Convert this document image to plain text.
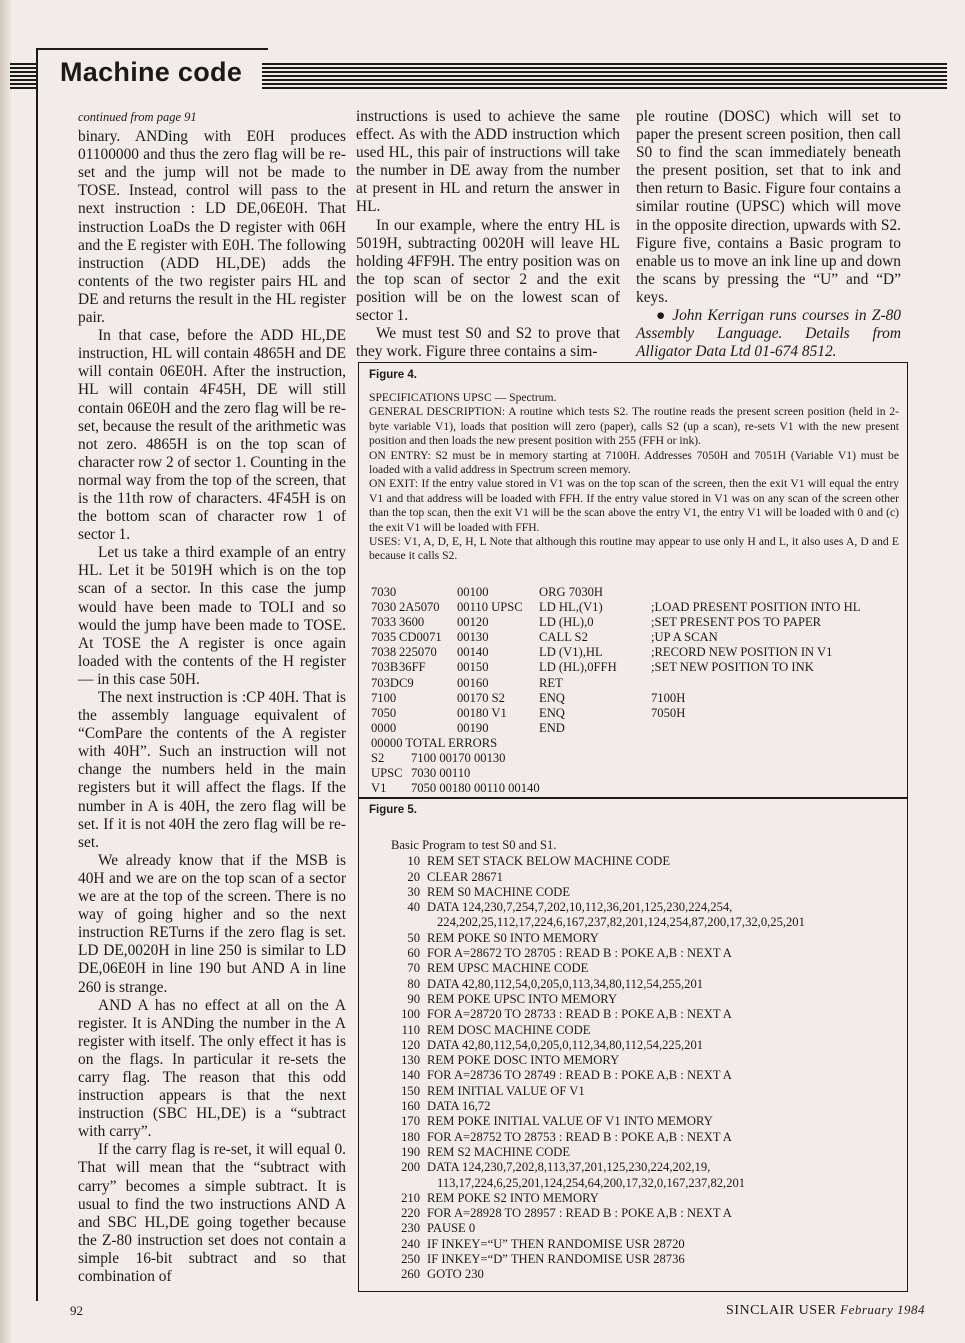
Machine code

continued from page 91

binary. ANDing with E0H produces 01100000 and thus the zero flag will be re-set and the jump will not be made to TOSE. Instead, control will pass to the next instruction : LD DE,06E0H. That instruction LoaDs the D register with 06H and the E register with E0H. The following instruction (ADD HL,DE) adds the contents of the two register pairs HL and DE and returns the result in the HL register pair.

In that case, before the ADD HL,DE instruction, HL will contain 4865H and DE will contain 06E0H. After the instruction, HL will contain 4F45H, DE will still contain 06E0H and the zero flag will be re-set, because the result of the arithmetic was not zero. 4865H is on the top scan of character row 2 of sector 1. Counting in the normal way from the top of the screen, that is the 11th row of characters. 4F45H is on the bottom scan of character row 1 of sector 1.

Let us take a third example of an entry HL. Let it be 5019H which is on the top scan of a sector. In this case the jump would have been made to TOLI and so would the jump have been made to TOSE. At TOSE the A register is once again loaded with the contents of the H register — in this case 50H.

The next instruction is :CP 40H. That is the assembly language equivalent of “ComPare the contents of the A register with 40H”. Such an instruction will not change the numbers held in the main registers but it will affect the flags. If the number in A is 40H, the zero flag will be set. If it is not 40H the zero flag will be re-set.

We already know that if the MSB is 40H and we are on the top scan of a sector we are at the top of the screen. There is no way of going higher and so the next instruction RETurns if the zero flag is set. LD DE,0020H in line 250 is similar to LD DE,06E0H in line 190 but AND A in line 260 is strange.

AND A has no effect at all on the A register. It is ANDing the number in the A register with itself. The only effect it has is on the flags. In particular it re-sets the carry flag. The reason that this odd instruction appears is that the next instruction (SBC HL,DE) is a “subtract with carry”.

If the carry flag is re-set, it will equal 0. That will mean that the “subtract with carry” becomes a simple subtract. It is usual to find the two instructions AND A and SBC HL,DE going together because the Z-80 instruction set does not contain a simple 16-bit subtract and so that combination of

instructions is used to achieve the same effect. As with the ADD instruction which used HL, this pair of instructions will take the number in DE away from the number at present in HL and return the answer in HL.

In our example, where the entry HL is 5019H, subtracting 0020H will leave HL holding 4FF9H. The entry position was on the top scan of sector 2 and the exit position will be on the lowest scan of sector 1.

We must test S0 and S2 to prove that they work. Figure three contains a sim-

ple routine (DOSC) which will set to paper the present screen position, then call S0 to find the scan immediately beneath the present position, set that to ink and then return to Basic. Figure four contains a similar routine (UPSC) which will move in the opposite direction, upwards with S2. Figure five, contains a Basic program to enable us to move an ink line up and down the scans by pressing the “U” and “D” keys.

● John Kerrigan runs courses in Z-80 Assembly Language. Details from Alligator Data Ltd 01-674 8512.

Figure 4.
SPECIFICATIONS UPSC — Spectrum.
GENERAL DESCRIPTION: A routine which tests S2. The routine reads the present screen position (held in 2-byte variable V1), loads that position will zero (paper), calls S2 (up a scan), re-sets V1 with the new present position and then loads the new present position with 255 (FFH or ink).
ON ENTRY: S2 must be in memory starting at 7100H. Addresses 7050H and 7051H (Variable V1) must be loaded with a valid address in Spectrum screen memory.
ON EXIT: If the entry value stored in V1 was on the top scan of the screen, then the exit V1 will equal the entry V1 and that address will be loaded with FFH. If the entry value stored in V1 was on any scan of the screen other than the top scan, then the exit V1 will be the scan above the entry V1, the entry V1 will be loaded with 0 and (c) the exit V1 will be loaded with FFH.
USES: V1, A, D, E, H, L Note that although this routine may appear to use only H and L, it also uses A, D and E because it calls S2.
7030	00100	ORG 7030H
7030 2A5070 00110 UPSC LD HL,(V1)	;LOAD PRESENT POSITION INTO HL
7033 3600	00120	LD (HL),0	;SET PRESENT POS TO PAPER
7035 CD0071 00130	CALL S2	;UP A SCAN
7038 225070 00140	LD (V1),HL	;RECORD NEW POSITION IN V1
703B 36FF 00150	LD (HL),0FFH	;SET NEW POSITION TO INK
703D C9	00160	RET
7100	00170 S2	ENQ	7100H
7050	00180 V1	ENQ	7050H
0000	00190	END
00000 TOTAL ERRORS
S2 7100 00170 00130
UPSC 7030 00110
V1 7050 00180 00110 00140
Figure 5.
Basic Program to test S0 and S1.
10 REM SET STACK BELOW MACHINE CODE
20 CLEAR 28671
30 REM S0 MACHINE CODE
40 DATA 124,230,7,254,7,202,10,112,36,201,125,230,224,254,
224,202,25,112,17,224,6,167,237,82,201,124,254,87,200,17,32,0,25,201
50 REM POKE S0 INTO MEMORY
60 FOR A=28672 TO 28705 : READ B : POKE A,B : NEXT A
70 REM UPSC MACHINE CODE
80 DATA 42,80,112,54,0,205,0,113,34,80,112,54,255,201
90 REM POKE UPSC INTO MEMORY
100 FOR A=28720 TO 28733 : READ B : POKE A,B : NEXT A
110 REM DOSC MACHINE CODE
120 DATA 42,80,112,54,0,205,0,112,34,80,112,54,225,201
130 REM POKE DOSC INTO MEMORY
140 FOR A=28736 TO 28749 : READ B : POKE A,B : NEXT A
150 REM INITIAL VALUE OF V1
160 DATA 16,72
170 REM POKE INITIAL VALUE OF V1 INTO MEMORY
180 FOR A=28752 TO 28753 : READ B : POKE A,B : NEXT A
190 REM S2 MACHINE CODE
200 DATA 124,230,7,202,8,113,37,201,125,230,224,202,19,
113,17,224,6,25,201,124,254,64,200,17,32,0,167,237,82,201
210 REM POKE S2 INTO MEMORY
220 FOR A=28928 TO 28957 : READ B : POKE A,B : NEXT A
230 PAUSE 0
240 IF INKEY=“U” THEN RANDOMISE USR 28720
250 IF INKEY=“D” THEN RANDOMISE USR 28736
260 GOTO 230
92	SINCLAIR USER February 1984
